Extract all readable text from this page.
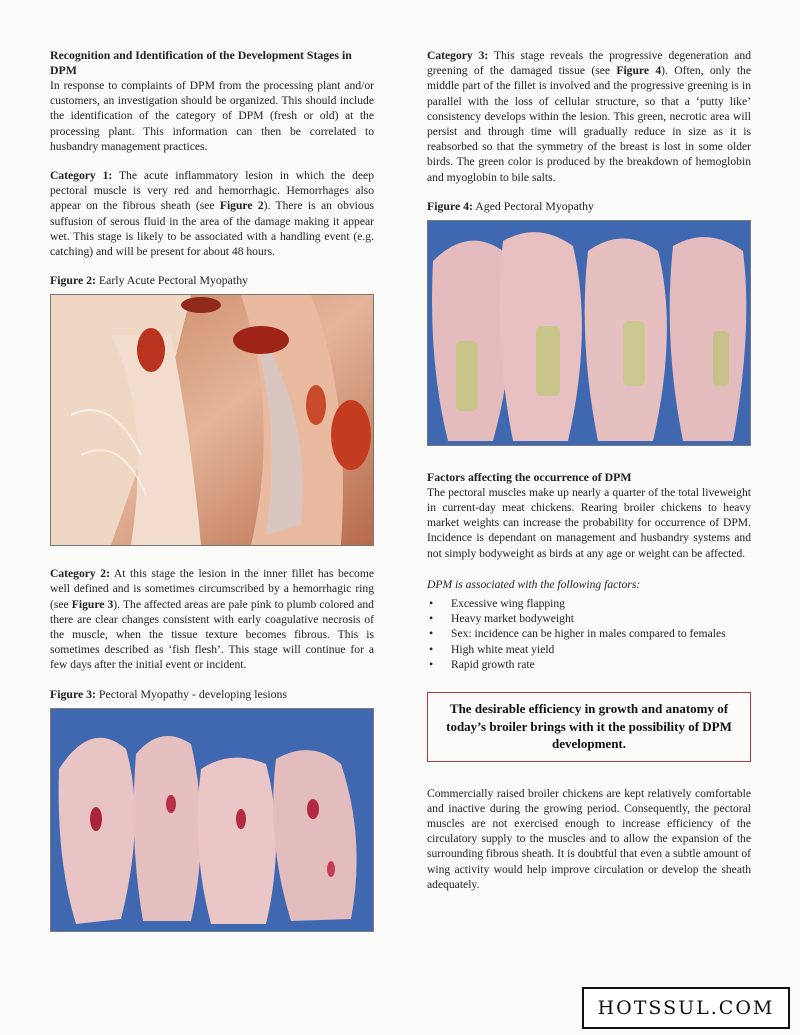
Recognition and Identification of the Development Stages in DPM

In response to complaints of DPM from the processing plant and/or customers, an investigation should be organized. This should include the identification of the category of DPM (fresh or old) at the processing plant. This information can then be correlated to husbandry management practices.

Category 1: The acute inflammatory lesion in which the deep pectoral muscle is very red and hemorrhagic. Hemorrhages also appear on the fibrous sheath (see Figure 2). There is an obvious suffusion of serous fluid in the area of the damage making it appear wet. This stage is likely to be associated with a handling event (e.g. catching) and will be present for about 48 hours.

Figure 2: Early Acute Pectoral Myopathy

Category 2: At this stage the lesion in the inner fillet has become well defined and is sometimes circumscribed by a hemorrhagic ring (see Figure 3). The affected areas are pale pink to plumb colored and there are clear changes consistent with early coagulative necrosis of the muscle, when the tissue texture becomes fibrous. This is sometimes described as ‘fish flesh’. This stage will continue for a few days after the initial event or incident.

Figure 3: Pectoral Myopathy - developing lesions

Category 3: This stage reveals the progressive degeneration and greening of the damaged tissue (see Figure 4). Often, only the middle part of the fillet is involved and the progressive greening is in parallel with the loss of cellular structure, so that a ‘putty like’ consistency develops within the lesion. This green, necrotic area will persist and through time will gradually reduce in size as it is reabsorbed so that the symmetry of the breast is lost in some older birds. The green color is produced by the breakdown of hemoglobin and myoglobin to bile salts.

Figure 4: Aged Pectoral Myopathy
Factors affecting the occurrence of DPM

The pectoral muscles make up nearly a quarter of the total liveweight in current-day meat chickens. Rearing broiler chickens to heavy market weights can increase the probability for occurrence of DPM. Incidence is dependant on management and husbandry systems and not simply bodyweight as birds at any age or weight can be affected.

DPM is associated with the following factors:

• Excessive wing flapping
• Heavy market bodyweight
• Sex: incidence can be higher in males compared to females
• High white meat yield
• Rapid growth rate
The desirable efficiency in growth and anatomy of today’s broiler brings with it the possibility of DPM development.

Commercially raised broiler chickens are kept relatively comfortable and inactive during the growing period. Consequently, the pectoral muscles are not exercised enough to increase efficiency of the circulatory supply to the muscles and to allow the expansion of the surrounding fibrous sheath. It is doubtful that even a subtle amount of wing activity would help improve circulation or develop the sheath adequately.

HOTSSUL.COM
